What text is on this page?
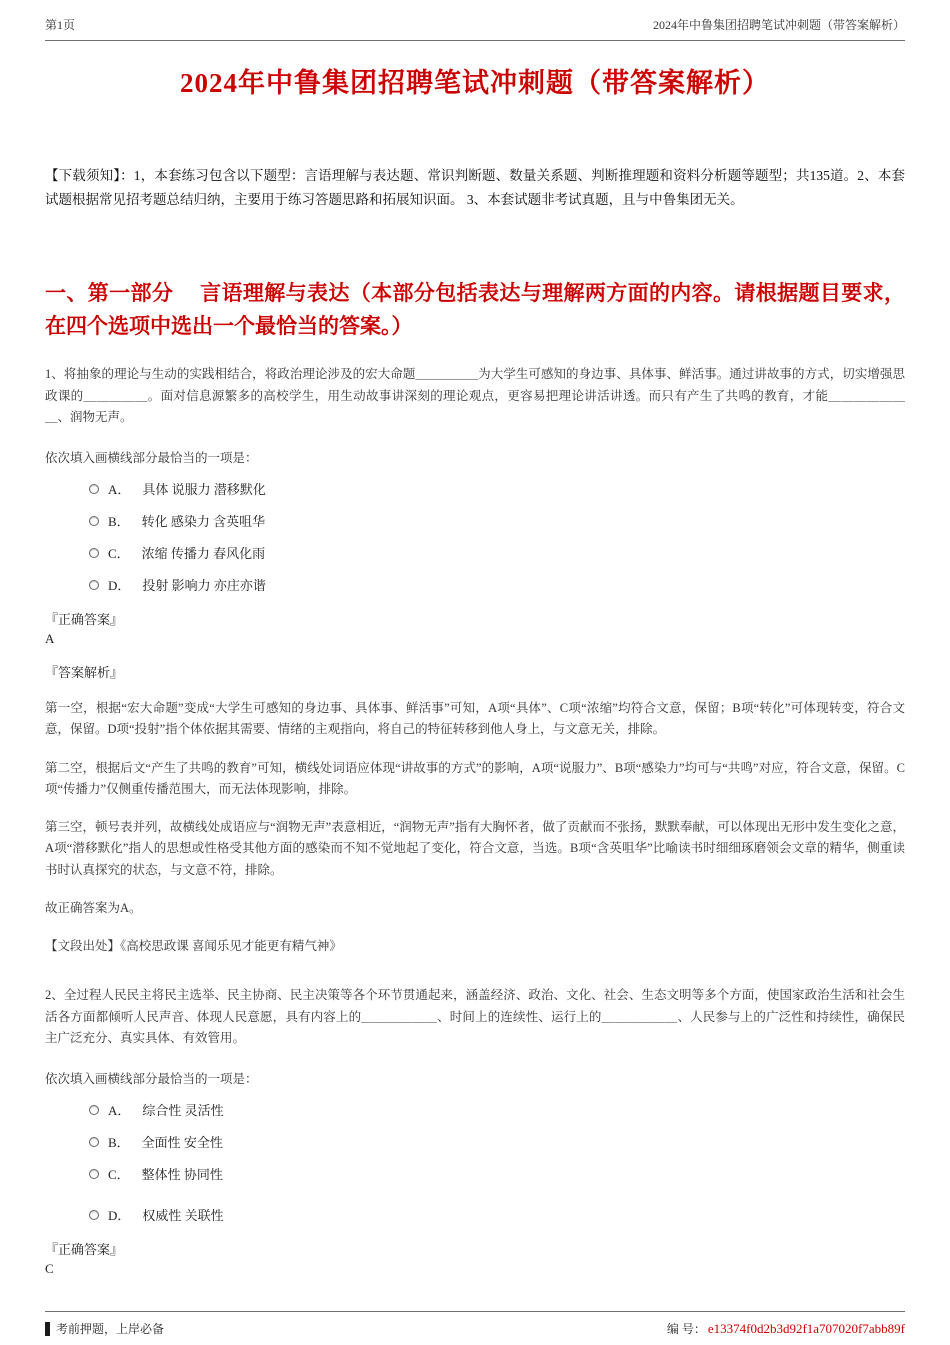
第1页	2024年中鲁集团招聘笔试冲刺题（带答案解析）
2024年中鲁集团招聘笔试冲刺题（带答案解析）

【下载须知】：1，本套练习包含以下题型：言语理解与表达题、常识判断题、数量关系题、判断推理题和资料分析题等题型；共135道。2、本套试题根据常见招考题总结归纳，主要用于练习答题思路和拓展知识面。 3、本套试题非考试真题，且与中鲁集团无关。

一、第一部分　 言语理解与表达（本部分包括表达与理解两方面的内容。请根据题目要求，在四个选项中选出一个最恰当的答案。）

1、将抽象的理论与生动的实践相结合，将政治理论涉及的宏大命题＿＿＿＿＿为大学生可感知的身边事、具体事、鲜活事。通过讲故事的方式，切实增强思政课的＿＿＿＿＿。面对信息源繁多的高校学生，用生动故事讲深刻的理论观点，更容易把理论讲活讲透。而只有产生了共鸣的教育，才能＿＿＿＿＿＿＿、润物无声。

依次填入画横线部分最恰当的一项是：

A． 具体 说服力 潜移默化
B． 转化 感染力 含英咀华
C． 浓缩 传播力 春风化雨
D． 投射 影响力 亦庄亦谐

『正确答案』

A

『答案解析』

第一空，根据“宏大命题”变成“大学生可感知的身边事、具体事、鲜活事”可知，A项“具体”、C项“浓缩”均符合文意，保留；B项“转化”可体现转变，符合文意，保留。D项“投射”指个体依据其需要、情绪的主观指向，将自己的特征转移到他人身上，与文意无关，排除。

第二空，根据后文“产生了共鸣的教育”可知，横线处词语应体现“讲故事的方式”的影响，A项“说服力”、B项“感染力”均可与“共鸣”对应，符合文意，保留。C项“传播力”仅侧重传播范围大，而无法体现影响，排除。

第三空，顿号表并列，故横线处成语应与“润物无声”表意相近，“润物无声”指有大胸怀者，做了贡献而不张扬，默默奉献，可以体现出无形中发生变化之意，A项“潜移默化”指人的思想或性格受其他方面的感染而不知不觉地起了变化，符合文意，当选。B项“含英咀华”比喻读书时细细琢磨领会文章的精华，侧重读书时认真探究的状态，与文意不符，排除。

故正确答案为A。

【文段出处】《高校思政课 喜闻乐见才能更有精气神》

2、全过程人民民主将民主选举、民主协商、民主决策等各个环节贯通起来，涵盖经济、政治、文化、社会、生态文明等多个方面，使国家政治生活和社会生活各方面都倾听人民声音、体现人民意愿，具有内容上的＿＿＿＿＿＿、时间上的连续性、运行上的＿＿＿＿＿＿、人民参与上的广泛性和持续性，确保民主广泛充分、真实具体、有效管用。

依次填入画横线部分最恰当的一项是：

A． 综合性 灵活性
B． 全面性 安全性
C． 整体性 协同性
D． 权威性 关联性

『正确答案』

C

考前押题，上岸必备	编 号： e13374f0d2b3d92f1a707020f7abb89f
